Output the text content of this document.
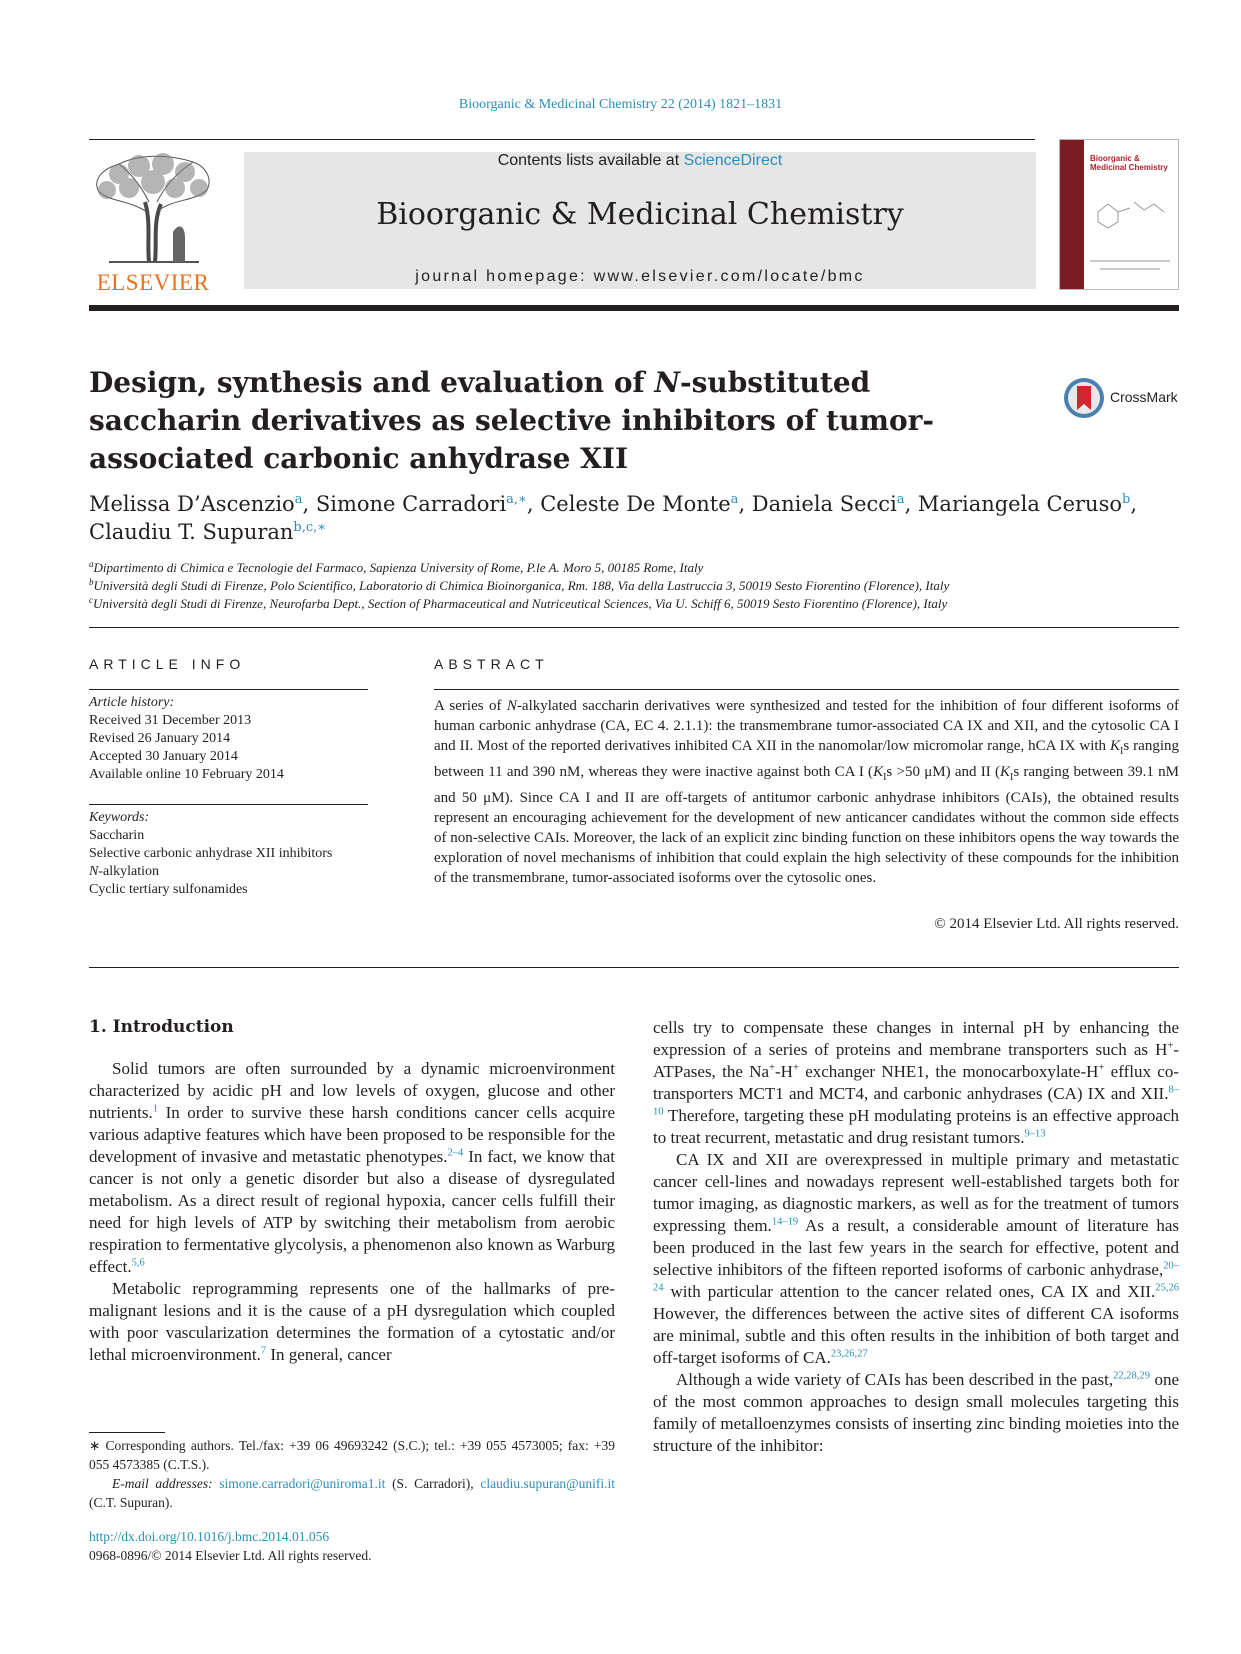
Bioorganic & Medicinal Chemistry 22 (2014) 1821–1831
ELSEVIER
Contents lists available at ScienceDirect
Bioorganic & Medicinal Chemistry
journal homepage: www.elsevier.com/locate/bmc
Bioorganic & Medicinal Chemistry
Design, synthesis and evaluation of N-substituted saccharin derivatives as selective inhibitors of tumor-associated carbonic anhydrase XII
CrossMark
Melissa D’Ascenzio$^a$, Simone Carradori$^{a,∗}$, Celeste De Monte$^a$, Daniela Secci$^a$, Mariangela Ceruso$^b$,
Claudiu T. Supuran$^{b,c,∗}$
$^a$Dipartimento di Chimica e Tecnologie del Farmaco, Sapienza University of Rome, P.le A. Moro 5, 00185 Rome, Italy
$^b$Università degli Studi di Firenze, Polo Scientifico, Laboratorio di Chimica Bioinorganica, Rm. 188, Via della Lastruccia 3, 50019 Sesto Fiorentino (Florence), Italy
$^c$Università degli Studi di Firenze, Neurofarba Dept., Section of Pharmaceutical and Nutriceutical Sciences, Via U. Schiff 6, 50019 Sesto Fiorentino (Florence), Italy
ARTICLE INFO
Article history:
Received 31 December 2013
Revised 26 January 2014
Accepted 30 January 2014
Available online 10 February 2014
Keywords:
Saccharin
Selective carbonic anhydrase XII inhibitors
N-alkylation
Cyclic tertiary sulfonamides
ABSTRACT
A series of N-alkylated saccharin derivatives were synthesized and tested for the inhibition of four different isoforms of human carbonic anhydrase (CA, EC 4. 2.1.1): the transmembrane tumor-associated CA IX and XII, and the cytosolic CA I and II. Most of the reported derivatives inhibited CA XII in the nanomolar/low micromolar range, hCA IX with $K_Is$ ranging between 11 and 390 nM, whereas they were inactive against both CA I ($K_Is >50$ μM) and II ($K_Is$ ranging between 39.1 nM and 50 μM). Since CA I and II are off-targets of antitumor carbonic anhydrase inhibitors (CAIs), the obtained results represent an encouraging achievement for the development of new anticancer candidates without the common side effects of non-selective CAIs. Moreover, the lack of an explicit zinc binding function on these inhibitors opens the way towards the exploration of novel mechanisms of inhibition that could explain the high selectivity of these compounds for the inhibition of the transmembrane, tumor-associated isoforms over the cytosolic ones.
© 2014 Elsevier Ltd. All rights reserved.
1. Introduction

Solid tumors are often surrounded by a dynamic microenvironment characterized by acidic pH and low levels of oxygen, glucose and other nutrients.$^1$ In order to survive these harsh conditions cancer cells acquire various adaptive features which have been proposed to be responsible for the development of invasive and metastatic phenotypes.$^{2-4}$ In fact, we know that cancer is not only a genetic disorder but also a disease of dysregulated metabolism. As a direct result of regional hypoxia, cancer cells fulfill their need for high levels of ATP by switching their metabolism from aerobic respiration to fermentative glycolysis, a phenomenon also known as Warburg effect.$^{5,6}$

Metabolic reprogramming represents one of the hallmarks of pre-malignant lesions and it is the cause of a pH dysregulation which coupled with poor vascularization determines the formation of a cytostatic and/or lethal microenvironment.$^7$ In general, cancer

cells try to compensate these changes in internal pH by enhancing the expression of a series of proteins and membrane transporters such as H+-ATPases, the Na+-H+ exchanger NHE1, the monocarboxylate-H+ efflux co-transporters MCT1 and MCT4, and carbonic anhydrases (CA) IX and XII.$^{8-10}$ Therefore, targeting these pH modulating proteins is an effective approach to treat recurrent, metastatic and drug resistant tumors.$^{9-13}$

CA IX and XII are overexpressed in multiple primary and metastatic cancer cell-lines and nowadays represent well-established targets both for tumor imaging, as diagnostic markers, as well as for the treatment of tumors expressing them.$^{14-19}$ As a result, a considerable amount of literature has been produced in the last few years in the search for effective, potent and selective inhibitors of the fifteen reported isoforms of carbonic anhydrase,$^{20-24}$ with particular attention to the cancer related ones, CA IX and XII.$^{25,26}$ However, the differences between the active sites of different CA isoforms are minimal, subtle and this often results in the inhibition of both target and off-target isoforms of CA.$^{23,26,27}$

Although a wide variety of CAIs has been described in the past,$^{22,28,29}$ one of the most common approaches to design small molecules targeting this family of metalloenzymes consists of inserting zinc binding moieties into the structure of the inhibitor:

∗ Corresponding authors. Tel./fax: +39 06 49693242 (S.C.); tel.: +39 055 4573005; fax: +39 055 4573385 (C.T.S.).
E-mail addresses: simone.carradori@uniroma1.it (S. Carradori), claudiu.supuran@unifi.it (C.T. Supuran).
http://dx.doi.org/10.1016/j.bmc.2014.01.056
0968-0896/© 2014 Elsevier Ltd. All rights reserved.
